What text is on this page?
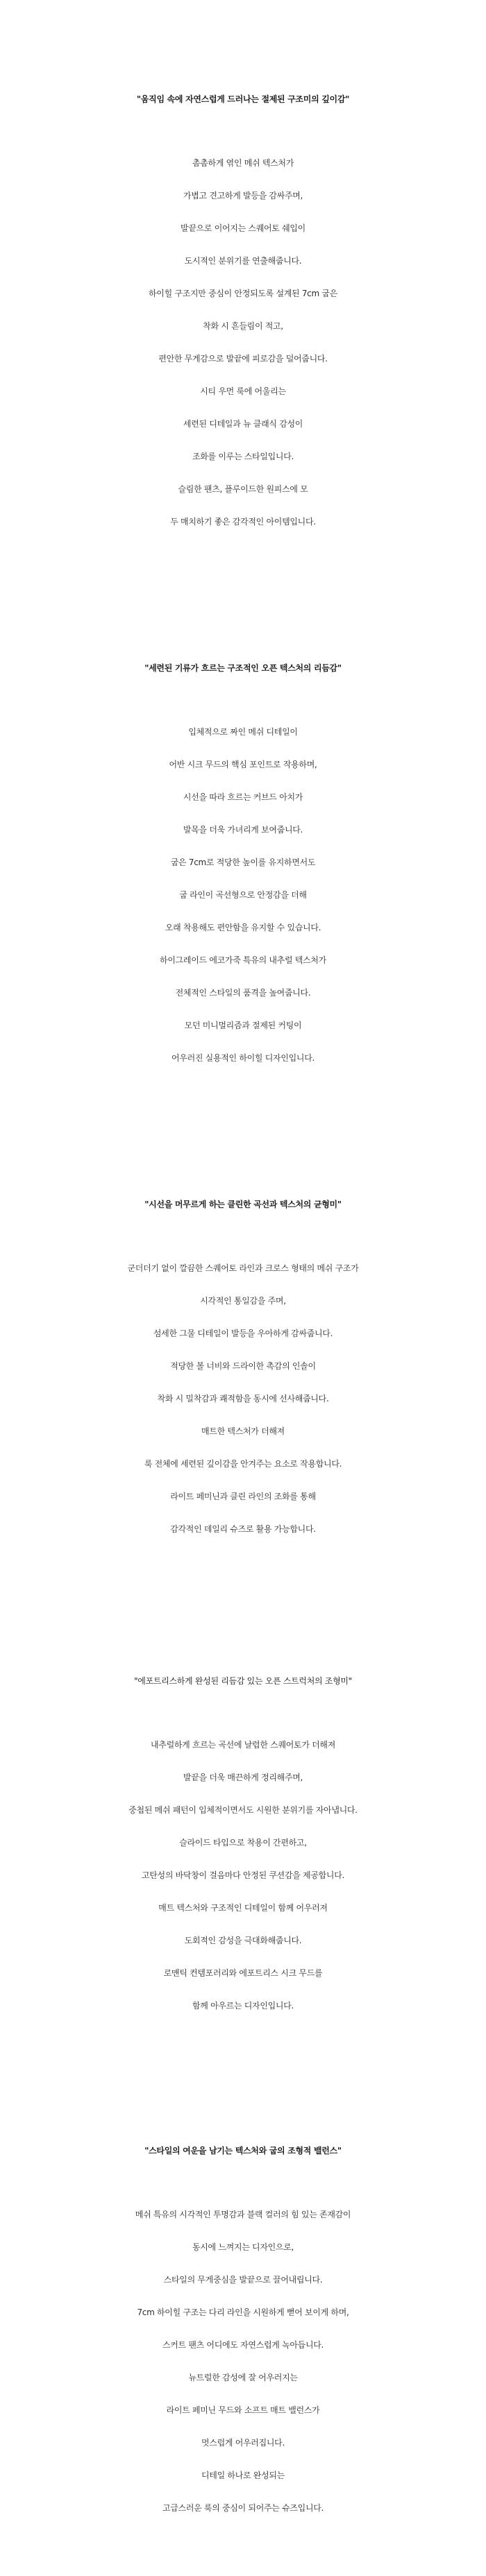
"움직임 속에 자연스럽게 드러나는 절제된 구조미의 깊이감"

촘촘하게 엮인 메쉬 텍스처가

가볍고 견고하게 발등을 감싸주며,

발끝으로 이어지는 스퀘어토 쉐입이

도시적인 분위기를 연출해줍니다.

하이힐 구조지만 중심이 안정되도록 설계된 7cm 굽은

착화 시 흔들림이 적고,

편안한 무게감으로 발끝에 피로감을 덜어줍니다.

시티 우먼 룩에 어울리는

세련된 디테일과 뉴 클래식 감성이

조화를 이루는 스타일입니다.

슬림한 팬츠, 플루이드한 원피스에 모

두 매치하기 좋은 감각적인 아이템입니다.

"세련된 기류가 흐르는 구조적인 오픈 텍스처의 리듬감"

입체적으로 짜인 메쉬 디테일이

어반 시크 무드의 핵심 포인트로 작용하며,

시선을 따라 흐르는 커브드 아치가

발목을 더욱 가녀리게 보여줍니다.

굽은 7cm로 적당한 높이를 유지하면서도

굽 라인이 곡선형으로 안정감을 더해

오래 착용해도 편안함을 유지할 수 있습니다.

하이그레이드 에코가죽 특유의 내추럴 텍스처가

전체적인 스타일의 품격을 높여줍니다.

모던 미니멀리즘과 절제된 커팅이

어우러진 실용적인 하이힐 디자인입니다.

"시선을 머무르게 하는 클린한 곡선과 텍스처의 균형미"

군더더기 없이 깔끔한 스퀘어토 라인과 크로스 형태의 메쉬 구조가

시각적인 통일감을 주며,

섬세한 그물 디테일이 발등을 우아하게 감싸줍니다.

적당한 볼 너비와 드라이한 촉감의 인솔이

착화 시 밀착감과 쾌적함을 동시에 선사해줍니다.

매트한 텍스처가 더해져

룩 전체에 세련된 깊이감을 안겨주는 요소로 작용합니다.

라이트 페미닌과 클린 라인의 조화를 통해

감각적인 데일리 슈즈로 활용 가능합니다.

"에포트리스하게 완성된 리듬감 있는 오픈 스트럭처의 조형미"

내추럴하게 흐르는 곡선에 날렵한 스퀘어토가 더해져

발끝을 더욱 매끈하게 정리해주며,

중첩된 메쉬 패턴이 입체적이면서도 시원한 분위기를 자아냅니다.

슬라이드 타입으로 착용이 간편하고,

고탄성의 바닥창이 걸음마다 안정된 쿠션감을 제공합니다.

매트 텍스처와 구조적인 디테일이 함께 어우러져

도회적인 감성을 극대화해줍니다.

로맨틱 컨템포러리와 에포트리스 시크 무드를

함께 아우르는 디자인입니다.

"스타일의 여운을 남기는 텍스처와 굽의 조형적 밸런스"

메쉬 특유의 시각적인 투명감과 블랙 컬러의 힘 있는 존재감이

동시에 느껴지는 디자인으로,

스타일의 무게중심을 발끝으로 끌어내립니다.

7cm 하이힐 구조는 다리 라인을 시원하게 뻗어 보이게 하며,

스커트 팬츠 어디에도 자연스럽게 녹아듭니다.

뉴트럴한 감성에 잘 어우러지는

라이트 페미닌 무드와 소프트 매트 밸런스가

멋스럽게 어우러집니다.

디테일 하나로 완성되는

고급스러운 룩의 중심이 되어주는 슈즈입니다.
